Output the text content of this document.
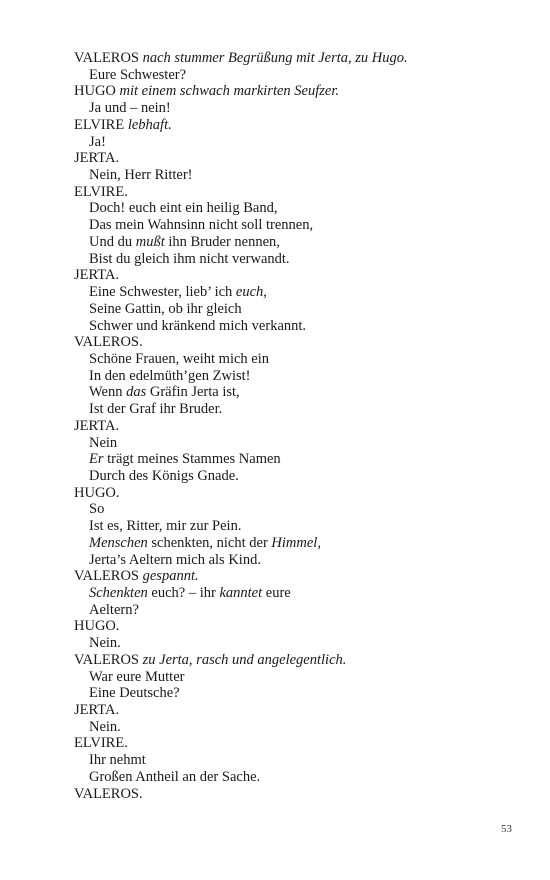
VALEROS nach stummer Begrüßung mit Jerta, zu Hugo.
Eure Schwester?
HUGO mit einem schwach markirten Seufzer.
Ja und – nein!
ELVIRE lebhaft.
Ja!
JERTA.
Nein, Herr Ritter!
ELVIRE.
Doch! euch eint ein heilig Band,
Das mein Wahnsinn nicht soll trennen,
Und du mußt ihn Bruder nennen,
Bist du gleich ihm nicht verwandt.
JERTA.
Eine Schwester, lieb’ ich euch,
Seine Gattin, ob ihr gleich
Schwer und kränkend mich verkannt.
VALEROS.
Schöne Frauen, weiht mich ein
In den edelmüth’gen Zwist!
Wenn das Gräfin Jerta ist,
Ist der Graf ihr Bruder.
JERTA.
Nein
Er trägt meines Stammes Namen
Durch des Königs Gnade.
HUGO.
So
Ist es, Ritter, mir zur Pein.
Menschen schenkten, nicht der Himmel,
Jerta’s Aeltern mich als Kind.
VALEROS gespannt.
Schenkten euch? – ihr kanntet eure
Aeltern?
HUGO.
Nein.
VALEROS zu Jerta, rasch und angelegentlich.
War eure Mutter
Eine Deutsche?
JERTA.
Nein.
ELVIRE.
Ihr nehmt
Großen Antheil an der Sache.
VALEROS.
53
